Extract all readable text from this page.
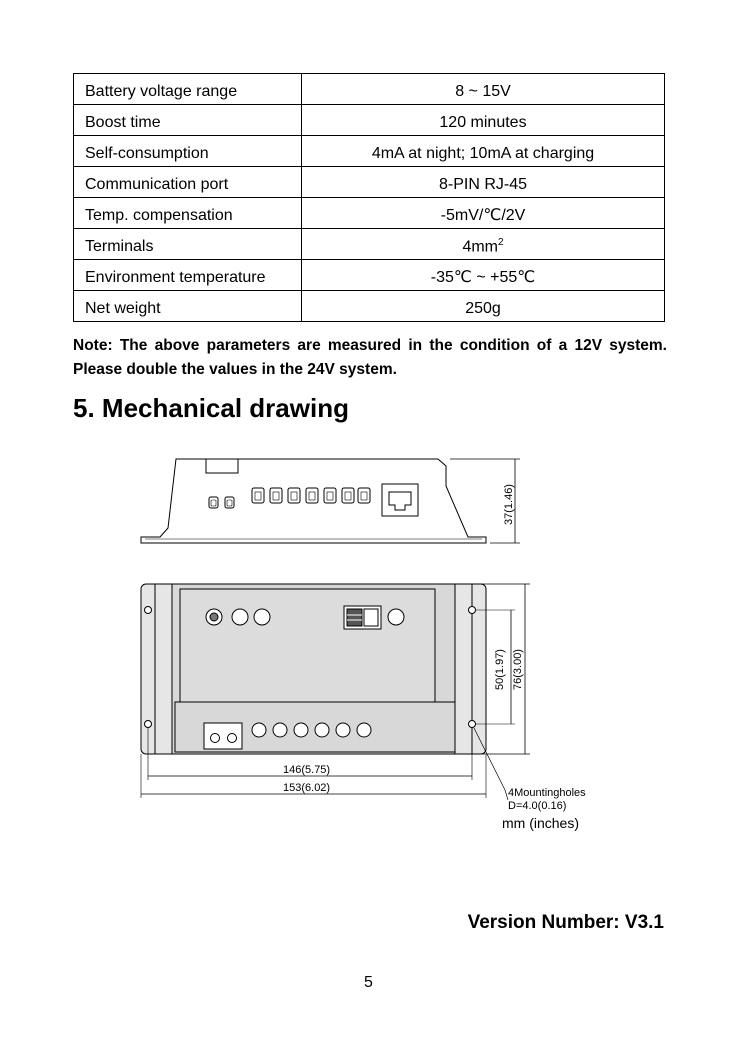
Battery voltage range	8 ~ 15V
Boost time	120 minutes
Self-consumption	4mA at night; 10mA at charging
Communication port	8-PIN RJ-45
Temp. compensation	-5mV/℃/2V
Terminals	$4mm^2$
Environment temperature	-35℃ ~ +55℃
Net weight	250g
Note: The above parameters are measured in the condition of a 12V system. Please double the values in the 24V system.
5. Mechanical drawing
37(1.46)
50(1.97) 76(3.00)
146(5.75)
153(6.02)	4Mountingholes
D=4.0(0.16)
mm (inches)
Version Number: V3.1
5
